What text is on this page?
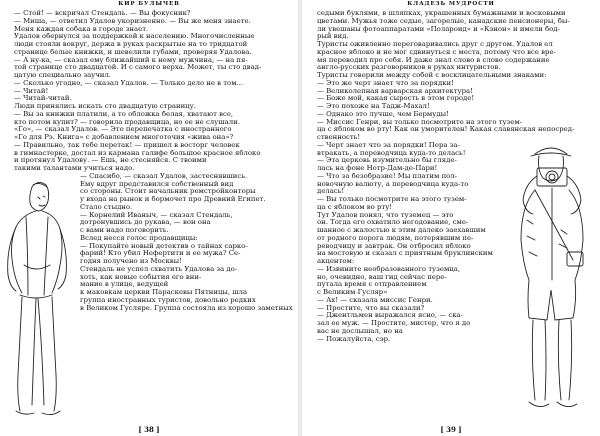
КИР БУЛЫЧЕВ

— Стой! — вскричал Стендаль. — Вы фокусник?

— Миша, — ответил Удалов укоризненно. — Вы же меня знаете.

Меня каждая собака в городе знает.

Удалов обернулся за поддержкой к населению. Многочисленные

люди стояли вокруг, держа в руках раскрытые на то тридцатой

странице белые книжки, и шевелили губами, проверяя Удалова.

— А ну-ка, — сказал ему ближайший к нему мужчина, — на пя-

той странице сто двадцатой. И с самого верха. Может, ты сто двад-

цатую специально заучил.

— Сколько угодно, — сказал Удалов. — Только дело не в том...

— Читай!

— Читай-читай.

Люди принялись искать сто двадцатую страницу.

— Вы за книжки платили, а то обложка белая, хватают все,

кто потом купит? — говорила продавщица, но ее не слушали.

«Го», — сказал Удалов. — Это перепечатка с иностранного

«Го для Рэ. Книга» с добавлением многоточия «жива она»?

— Правильно, так тебе перетак! — пришел в восторг человек

в гимнастерке, достал из кармана галифе большое красное яблоко

и протянул Удалову. — Ешь, не стесняйся. С твоими

такими талантами учиться надо.

— Спасибо, — сказал Удалов, застеснявшись.

Ему вдруг представился собственный вид

со стороны. Стоит начальник ремстройконторы

у входа на рынок и бормочет про Древний Египет.

Стало стыдно.

— Корнелий Иваныч, — сказал Стендаль,

дотронувшись до рукава, — вон она

с вами надо поговорить.

Вслед несся голос продавщицы:

— Покупайте новый детектив о тайнах сарко-

фарий! Кто убил Нефертити и ее мужа? Се-

годня получено из Москвы!

Стендаль не успел схватить Удалова за до-

хоть, как новые события его вни-

мание в улице, ведущей

к маковкам церкви Параскевы Пятницы, шла

группа иностранных туристов, довольно редких

в Великом Гусляре. Группа состояла из хорошо заметных

[ 38 ]
КЛАДЕЗЬ МУДРОСТИ

седыми буклями, в шляпках, украшенных бумажными и восковыми

цветами. Мужья тоже седые, загорелые, канадские пенсионеры, бы-

ли увешаны фотоаппаратами «Полароид» и «Кэнон» и имели бод-

рый вид.

Туристы оживленно переговаривались друг с другом. Удалов ел

красное яблоко и не мог сдвинуться с места, потому что все вре-

мя переводил про себя. И даже знал слово в слово содержание

англо-русских разговорников в руках интуристов.

Туристы говорили между собой с восклицательными знаками:

— Это же черт знает что за порядки!

— Великолепная варварская архитектура!

— Боже мой, какая сырость в этом городе!

— Это похоже на Тадж-Махал!

— Однако это лучше, чем Бермуды!

— Миссис Генри, вы только посмотрите на этого тузем-

ца с яблоком во рту! Как он уморителен! Какая славянская непосред-

ственность!

— Черт знает что за порядки! Пора за-

втракать, а переводчица куда-то делась!

— Эта церковь изумительно бы гляде-

лась на фоне Нотр-Дам-де-Пари!

— Что за безобразие! Мы платим пол-

новочную валюту, а переводчица куда-то

делась!

— Вы только посмотрите на этого тузем-

ца с яблоком во рту!

Тут Удалов понял, что туземец — это

он. Тогда его охватило негодование, сме-

шанное с жалостью к этим далеко заехавшим

от родного порога людям, потерявшим пе-

реводчицу и завтрак. Он отбросил яблоко

на мостовую и сказал с приятным бруклинским

акцентом:

— Извините необразованного туземца,

но, очевидно, ваш гид сейчас пере-

путала время с отправлением

с Великим Гусляр»

— Ах! — сказала миссис Генри.

— Простите, что вы сказали?

— Джентльмен выражался ясно, — ска-

зал ее муж. — Простите, мистер, что я до

вас не дослышал, но на

— Пожалуйста, сэр.

[ 39 ]
